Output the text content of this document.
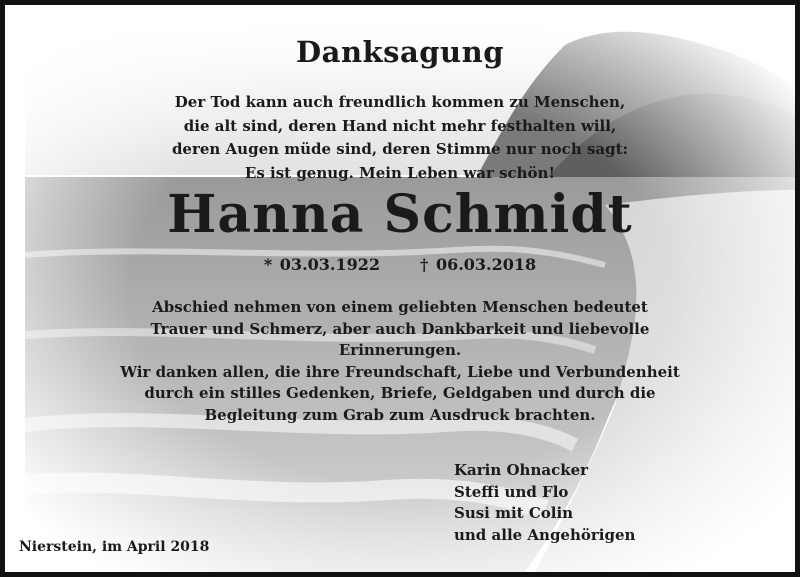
Danksagung
Der Tod kann auch freundlich kommen zu Menschen,
die alt sind, deren Hand nicht mehr festhalten will,
deren Augen müde sind, deren Stimme nur noch sagt:
Es ist genug. Mein Leben war schön!
Hanna Schmidt
* 03.03.1922	† 06.03.2018
Abschied nehmen von einem geliebten Menschen bedeutet
Trauer und Schmerz, aber auch Dankbarkeit und liebevolle
Erinnerungen.
Wir danken allen, die ihre Freundschaft, Liebe und Verbundenheit
durch ein stilles Gedenken, Briefe, Geldgaben und durch die
Begleitung zum Grab zum Ausdruck brachten.
Karin Ohnacker
Steffi und Flo
Susi mit Colin
und alle Angehörigen
Nierstein, im April 2018
